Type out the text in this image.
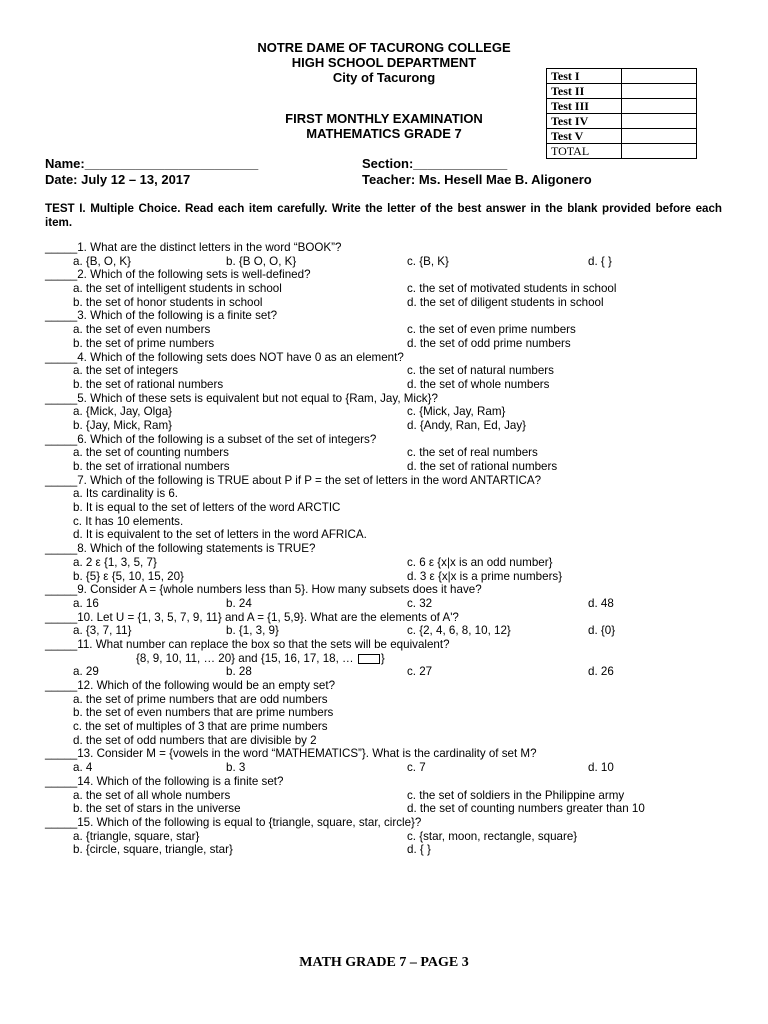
NOTRE DAME OF TACURONG COLLEGE
HIGH SCHOOL DEPARTMENT
City of Tacurong
FIRST MONTHLY EXAMINATION
MATHEMATICS GRADE 7
Test I	
Test II	
Test III	
Test IV	
Test V	
TOTAL	
Name:________________________	Section:_____________
Date: July 12 – 13, 2017	Teacher: Ms. Hesell Mae B. Aligonero
TEST I. Multiple Choice. Read each item carefully. Write the letter of the best answer in the blank provided before each item.
_____1. What are the distinct letters in the word “BOOK”?
a. {B, O, K}	b. {B O, O, K}	c. {B, K}	d. { }
_____2. Which of the following sets is well-defined?
a. the set of intelligent students in school	c. the set of motivated students in school
b. the set of honor students in school	d. the set of diligent students in school
_____3. Which of the following is a finite set?
a. the set of even numbers	c. the set of even prime numbers
b. the set of prime numbers	d. the set of odd prime numbers
_____4. Which of the following sets does NOT have 0 as an element?
a. the set of integers	c. the set of natural numbers
b. the set of rational numbers	d. the set of whole numbers
_____5. Which of these sets is equivalent but not equal to {Ram, Jay, Mick}?
a. {Mick, Jay, Olga}	c. {Mick, Jay, Ram}
b. {Jay, Mick, Ram}	d. {Andy, Ran, Ed, Jay}
_____6. Which of the following is a subset of the set of integers?
a. the set of counting numbers	c. the set of real numbers
b. the set of irrational numbers	d. the set of rational numbers
_____7. Which of the following is TRUE about P if P = the set of letters in the word ANTARTICA?
a. Its cardinality is 6.
b. It is equal to the set of letters of the word ARCTIC
c. It has 10 elements.
d. It is equivalent to the set of letters in the word AFRICA.
_____8. Which of the following statements is TRUE?
a. 2 ε {1, 3, 5, 7}	c. 6 ε {x|x is an odd number}
b. {5} ε {5, 10, 15, 20}	d. 3 ε {x|x is a prime numbers}
_____9. Consider A = {whole numbers less than 5}. How many subsets does it have?
a. 16	b. 24	c. 32	d. 48
_____10. Let U = {1, 3, 5, 7, 9, 11} and A = {1, 5,9}. What are the elements of A'?
a. {3, 7, 11}	b. {1, 3, 9}	c. {2, 4, 6, 8, 10, 12}	d. {0}
_____11. What number can replace the box so that the sets will be equivalent?
{8, 9, 10, 11, … 20} and {15, 16, 17, 18, … }
a. 29	b. 28	c. 27	d. 26
_____12. Which of the following would be an empty set?
a. the set of prime numbers that are odd numbers
b. the set of even numbers that are prime numbers
c. the set of multiples of 3 that are prime numbers
d. the set of odd numbers that are divisible by 2
_____13. Consider M = {vowels in the word “MATHEMATICS”}. What is the cardinality of set M?
a. 4	b. 3	c. 7	d. 10
_____14. Which of the following is a finite set?
a. the set of all whole numbers	c. the set of soldiers in the Philippine army
b. the set of stars in the universe	d. the set of counting numbers greater than 10
_____15. Which of the following is equal to {triangle, square, star, circle}?
a. {triangle, square, star}	c. {star, moon, rectangle, square}
b. {circle, square, triangle, star}	d. { }
MATH GRADE 7 – PAGE 3
